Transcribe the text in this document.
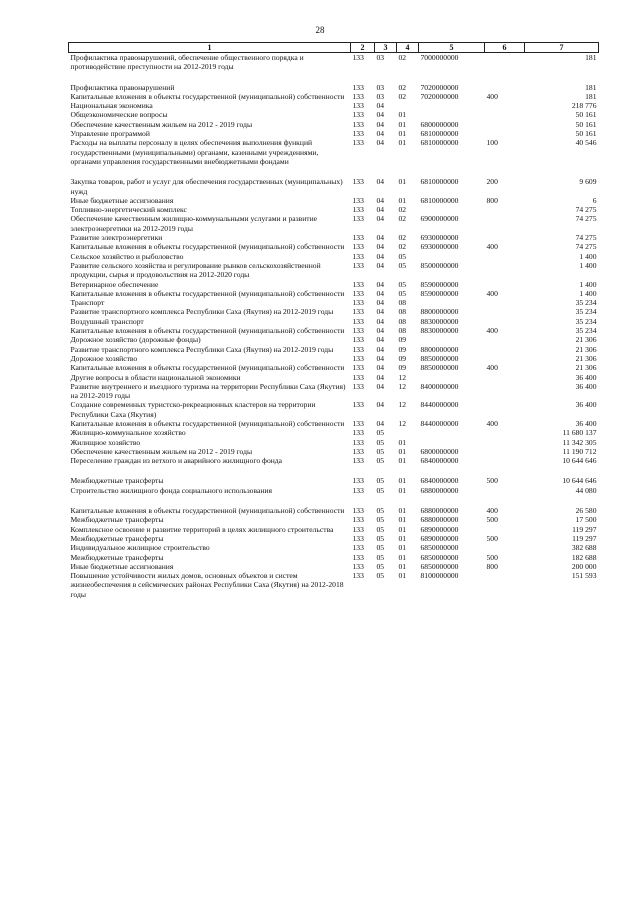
28
1	2	3	4	5	6	7
Профилактика правонарушений, обеспечение общественного порядка и противодействие преступности на 2012-2019 годы	133	03	02	7000000000		181

Профилактика правонарушений	133	03	02	7020000000		181
Капитальные вложения в объекты государственной (муниципальной) собственности	133	03	02	7020000000	400	181
Национальная экономика	133	04				218 776
Общеэкономические вопросы	133	04	01			50 161
Обеспечение качественным жильем на 2012 - 2019 годы	133	04	01	6800000000		50 161
Управление программой	133	04	01	6810000000		50 161
Расходы на выплаты персоналу в целях обеспечения выполнения функций государственными (муниципальными) органами, казенными учреждениями, органами управления государственными внебюджетными фондами	133	04	01	6810000000	100	40 546

Закупка товаров, работ и услуг для обеспечения государственных (муниципальных) нужд	133	04	01	6810000000	200	9 609
Иные бюджетные ассигнования	133	04	01	6810000000	800	6
Топливно-энергетический комплекс	133	04	02			74 275
Обеспечение качественным жилищно-коммунальными услугами и развитие электроэнергетики на 2012-2019 годы	133	04	02	6900000000		74 275
Развитие электроэнергетики	133	04	02	6930000000		74 275
Капитальные вложения в объекты государственной (муниципальной) собственности	133	04	02	6930000000	400	74 275
Сельское хозяйство и рыболовство	133	04	05			1 400
Развитие сельского хозяйства и регулирование рынков сельскохозяйственной продукции, сырья и продовольствия на 2012-2020 годы	133	04	05	8500000000		1 400
Ветеринарное обеспечение	133	04	05	8590000000		1 400
Капитальные вложения в объекты государственной (муниципальной) собственности	133	04	05	8590000000	400	1 400
Транспорт	133	04	08			35 234
Развитие транспортного комплекса Республики Саха (Якутия) на 2012-2019 годы	133	04	08	8800000000		35 234
Воздушный транспорт	133	04	08	8830000000		35 234
Капитальные вложения в объекты государственной (муниципальной) собственности	133	04	08	8830000000	400	35 234
Дорожное хозяйство (дорожные фонды)	133	04	09			21 306
Развитие транспортного комплекса Республики Саха (Якутия) на 2012-2019 годы	133	04	09	8800000000		21 306
Дорожное хозяйство	133	04	09	8850000000		21 306
Капитальные вложения в объекты государственной (муниципальной) собственности	133	04	09	8850000000	400	21 306
Другие вопросы в области национальной экономики	133	04	12			36 400
Развитие внутреннего и въездного туризма на территории Республики Саха (Якутия) на 2012-2019 годы	133	04	12	8400000000		36 400
Создание современных туристско-рекреационных кластеров на территории Республики Саха (Якутия)	133	04	12	8440000000		36 400
Капитальные вложения в объекты государственной (муниципальной) собственности	133	04	12	8440000000	400	36 400
Жилищно-коммунальное хозяйство	133	05				11 680 137
Жилищное хозяйство	133	05	01			11 342 305
Обеспечение качественным жильем на 2012 - 2019 годы	133	05	01	6800000000		11 190 712
Переселение граждан из ветхого и аварийного жилищного фонда	133	05	01	6840000000		10 644 646

Межбюджетные трансферты	133	05	01	6840000000	500	10 644 646
Строительство жилищного фонда социального использования	133	05	01	6880000000		44 080

Капитальные вложения в объекты государственной (муниципальной) собственности	133	05	01	6880000000	400	26 580
Межбюджетные трансферты	133	05	01	6880000000	500	17 500
Комплексное освоение и развитие территорий в целях жилищного строительства	133	05	01	6890000000		119 297
Межбюджетные трансферты	133	05	01	6890000000	500	119 297
Индивидуальное жилищное строительство	133	05	01	6850000000		382 688
Межбюджетные трансферты	133	05	01	6850000000	500	182 688
Иные бюджетные ассигнования	133	05	01	6850000000	800	200 000
Повышение устойчивости жилых домов, основных объектов и систем жизнеобеспечения в сейсмических районах Республики Саха (Якутия) на 2012-2018 годы	133	05	01	8100000000		151 593
